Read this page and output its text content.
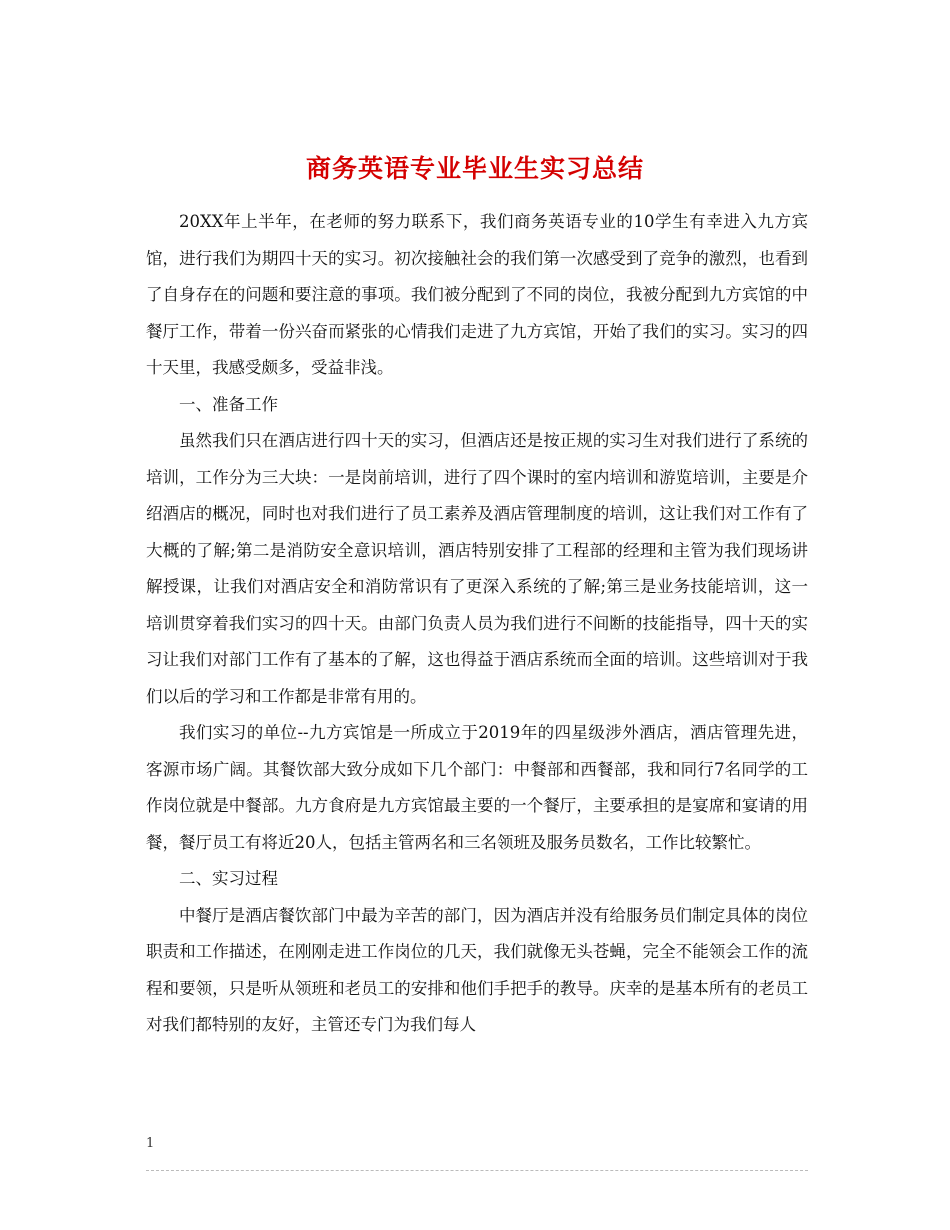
商务英语专业毕业生实习总结

20XX年上半年，在老师的努力联系下，我们商务英语专业的10学生有幸进入九方宾馆，进行我们为期四十天的实习。初次接触社会的我们第一次感受到了竞争的激烈，也看到了自身存在的问题和要注意的事项。我们被分配到了不同的岗位，我被分配到九方宾馆的中餐厅工作，带着一份兴奋而紧张的心情我们走进了九方宾馆，开始了我们的实习。实习的四十天里，我感受颇多，受益非浅。

一、准备工作

虽然我们只在酒店进行四十天的实习，但酒店还是按正规的实习生对我们进行了系统的培训，工作分为三大块：一是岗前培训，进行了四个课时的室内培训和游览培训，主要是介绍酒店的概况，同时也对我们进行了员工素养及酒店管理制度的培训，这让我们对工作有了大概的了解;第二是消防安全意识培训，酒店特别安排了工程部的经理和主管为我们现场讲解授课，让我们对酒店安全和消防常识有了更深入系统的了解;第三是业务技能培训，这一培训贯穿着我们实习的四十天。由部门负责人员为我们进行不间断的技能指导，四十天的实习让我们对部门工作有了基本的了解，这也得益于酒店系统而全面的培训。这些培训对于我们以后的学习和工作都是非常有用的。

我们实习的单位--九方宾馆是一所成立于2019年的四星级涉外酒店，酒店管理先进，客源市场广阔。其餐饮部大致分成如下几个部门：中餐部和西餐部，我和同行7名同学的工作岗位就是中餐部。九方食府是九方宾馆最主要的一个餐厅，主要承担的是宴席和宴请的用餐，餐厅员工有将近20人，包括主管两名和三名领班及服务员数名，工作比较繁忙。

二、实习过程

中餐厅是酒店餐饮部门中最为辛苦的部门，因为酒店并没有给服务员们制定具体的岗位职责和工作描述，在刚刚走进工作岗位的几天，我们就像无头苍蝇，完全不能领会工作的流程和要领，只是听从领班和老员工的安排和他们手把手的教导。庆幸的是基本所有的老员工对我们都特别的友好，主管还专门为我们每人

1
